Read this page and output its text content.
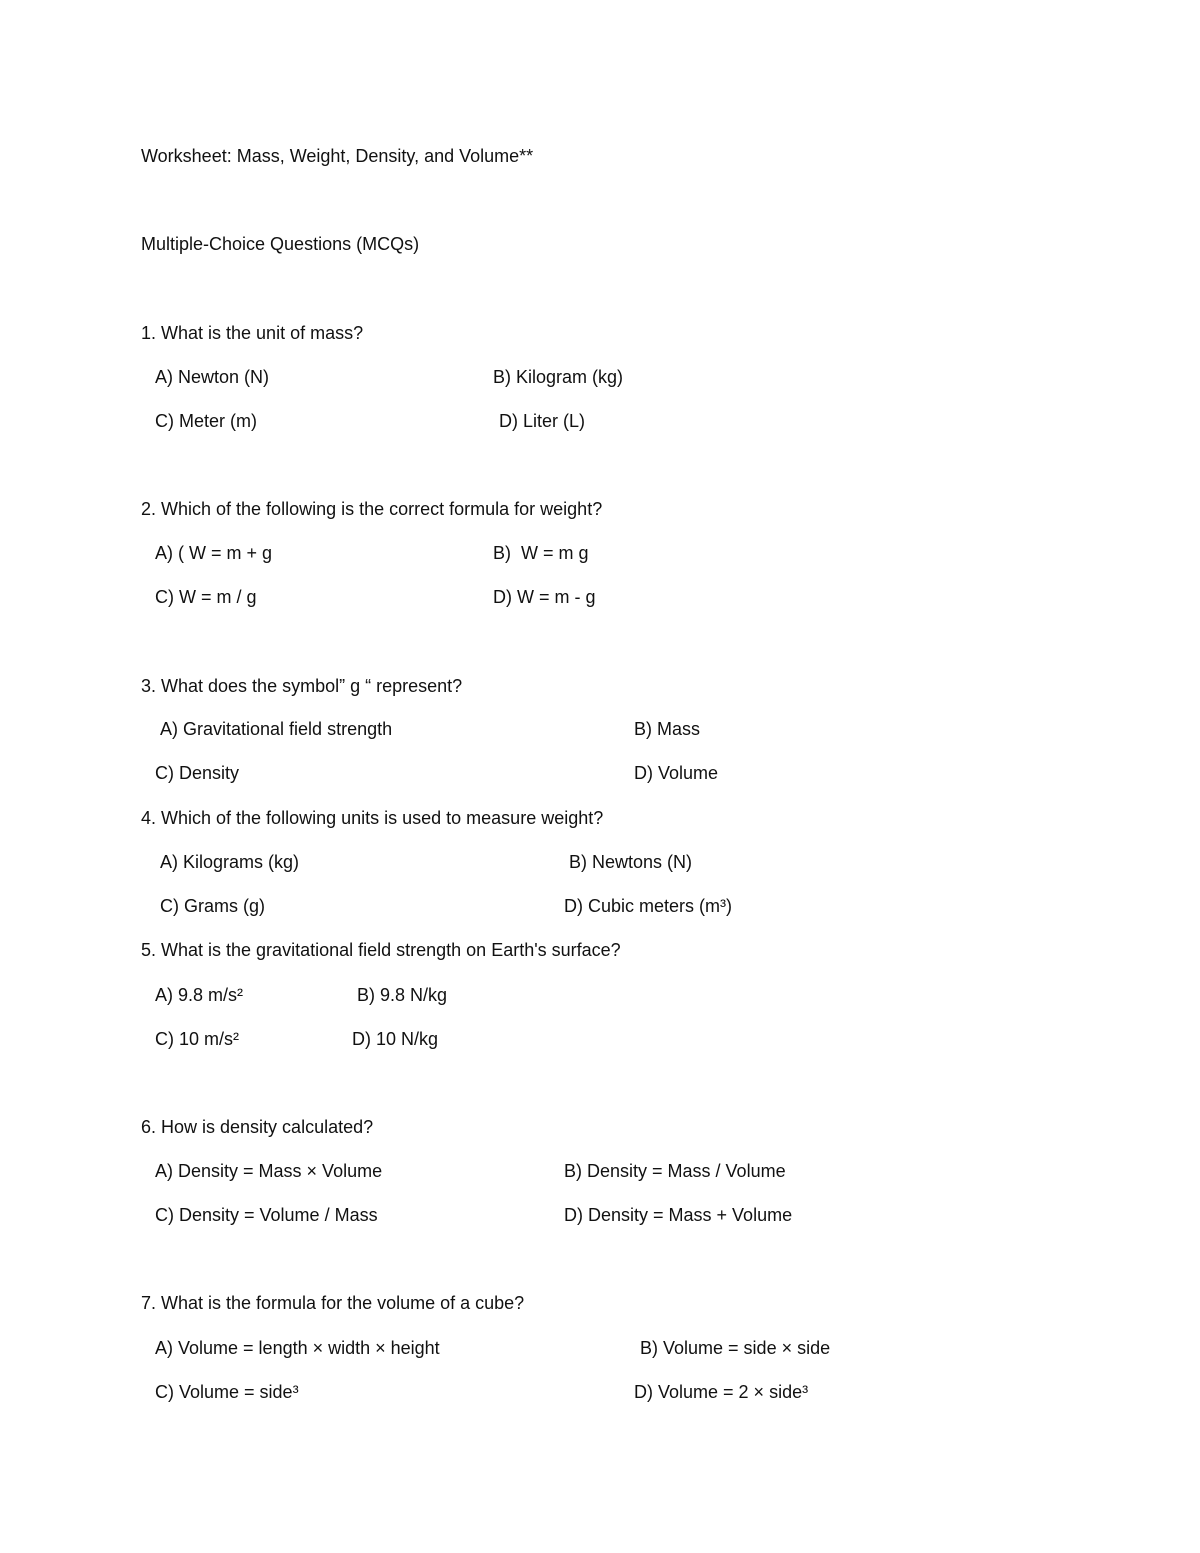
Worksheet: Mass, Weight, Density, and Volume**
Multiple-Choice Questions (MCQs)
1. What is the unit of mass?
A) Newton (N)	B) Kilogram (kg)
C) Meter (m)	D) Liter (L)
2. Which of the following is the correct formula for weight?
A) ( W = m + g	B)  W = m g
C) W = m / g	D) W = m - g
3. What does the symbol” g “ represent?
A) Gravitational field strength	B) Mass
C) Density	D) Volume
4. Which of the following units is used to measure weight?
A) Kilograms (kg)	B) Newtons (N)
C) Grams (g)	D) Cubic meters (m³)
5. What is the gravitational field strength on Earth's surface?
A) 9.8 m/s²	B) 9.8 N/kg
C) 10 m/s²	D) 10 N/kg
6. How is density calculated?
A) Density = Mass × Volume	B) Density = Mass / Volume
C) Density = Volume / Mass	D) Density = Mass + Volume
7. What is the formula for the volume of a cube?
A) Volume = length × width × height	B) Volume = side × side
C) Volume = side³	D) Volume = 2 × side³
